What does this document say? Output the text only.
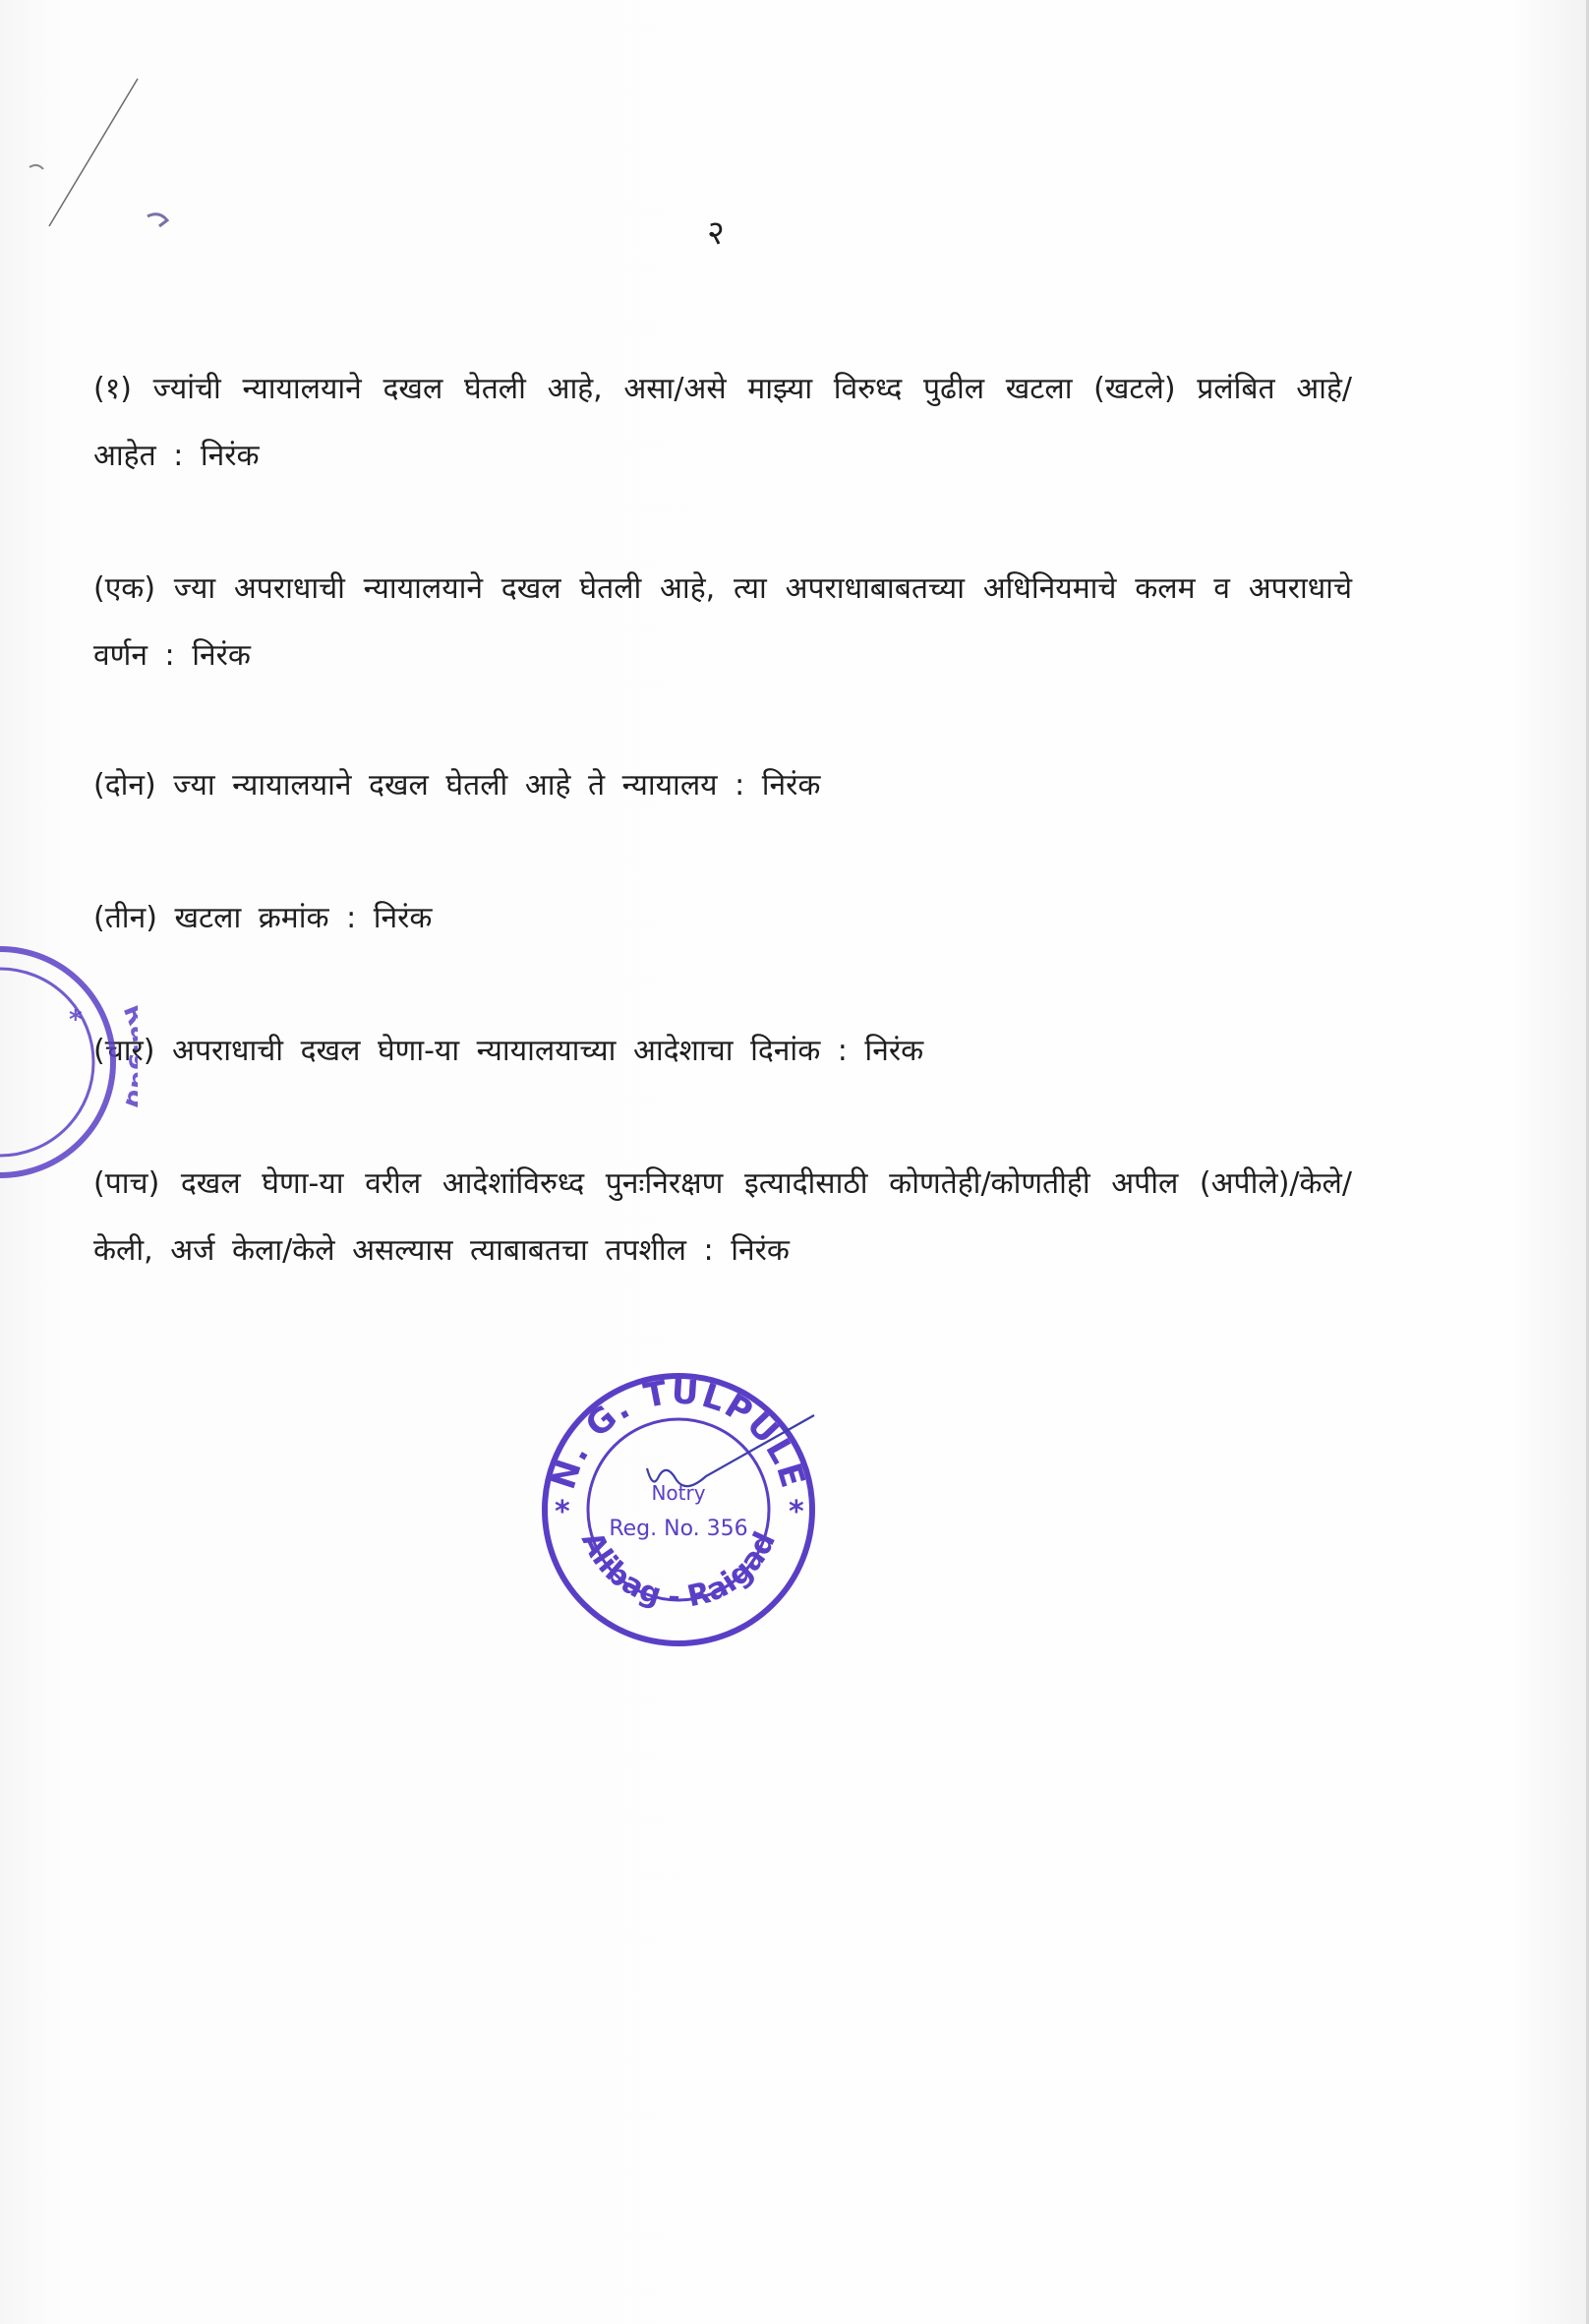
२
(१) ज्यांची न्यायालयाने दखल घेतली आहे, असा/असे माझ्या विरुध्द पुढील खटला (खटले) प्रलंबित आहे/आहेत : निरंक
(एक) ज्या अपराधाची न्यायालयाने दखल घेतली आहे, त्या अपराधाबाबतच्या अधिनियमाचे कलम व अपराधाचे वर्णन : निरंक
(दोन) ज्या न्यायालयाने दखल घेतली आहे ते न्यायालय : निरंक
(तीन) खटला क्रमांक : निरंक
(चार) अपराधाची दखल घेणा-या न्यायालयाच्या आदेशाचा दिनांक : निरंक
(पाच) दखल घेणा-या वरील आदेशांविरुध्द पुनःनिरक्षण इत्यादीसाठी कोणतेही/कोणतीही अपील (अपीले)/केले/केली, अर्ज केला/केले असल्यास त्याबाबतचा तपशील : निरंक
*
N. G. TULPULE
Alibag - Raigad
*	*
Notry
Reg. No. 356
